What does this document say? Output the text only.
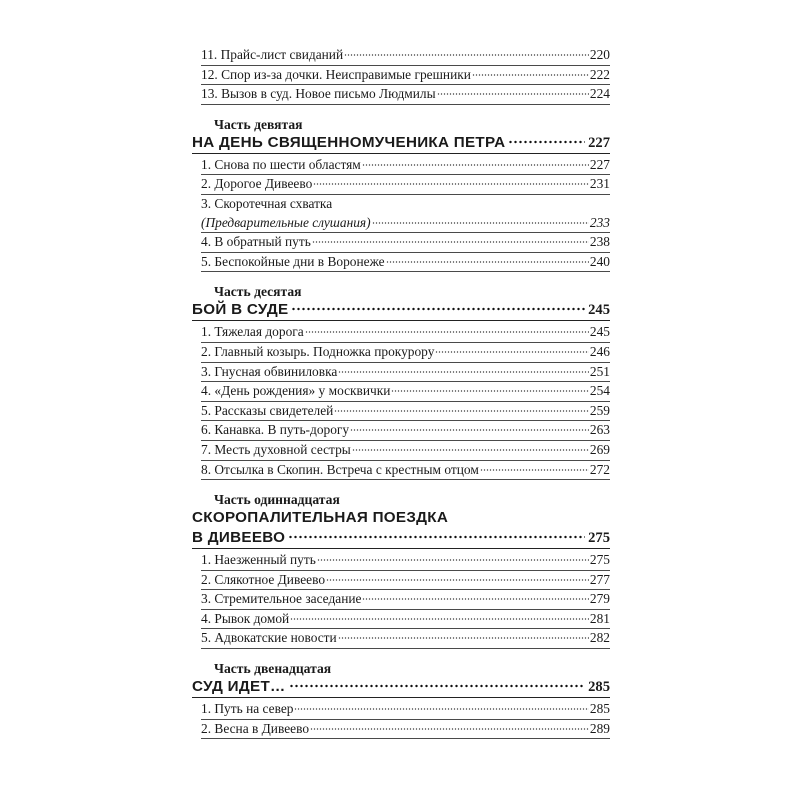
11. Прайс-лист свиданий	220
12. Спор из-за дочки. Неисправимые грешники	222
13. Вызов в суд. Новое письмо Людмилы	224
Часть девятая
НА ДЕНЬ СВЯЩЕННОМУЧЕНИКА ПЕТРА	227
1. Снова по шести областям	227
2. Дорогое Дивеево	231
3. Скоротечная схватка
(Предварительные слушания)	233
4. В обратный путь	238
5. Беспокойные дни в Воронеже	240
Часть десятая
БОЙ В СУДЕ	245
1. Тяжелая дорога	245
2. Главный козырь. Подножка прокурору	246
3. Гнусная обвиниловка	251
4. «День рождения» у москвички	254
5. Рассказы свидетелей	259
6. Канавка. В путь-дорогу	263
7. Месть духовной сестры	269
8. Отсылка в Скопин. Встреча с крестным отцом	272
Часть одиннадцатая
СКОРОПАЛИТЕЛЬНАЯ ПОЕЗДКА
В ДИВЕЕВО	275
1. Наезженный путь	275
2. Слякотное Дивеево	277
3. Стремительное заседание	279
4. Рывок домой	281
5. Адвокатские новости	282
Часть двенадцатая
СУД ИДЕТ…	285
1. Путь на север	285
2. Весна в Дивеево	289
